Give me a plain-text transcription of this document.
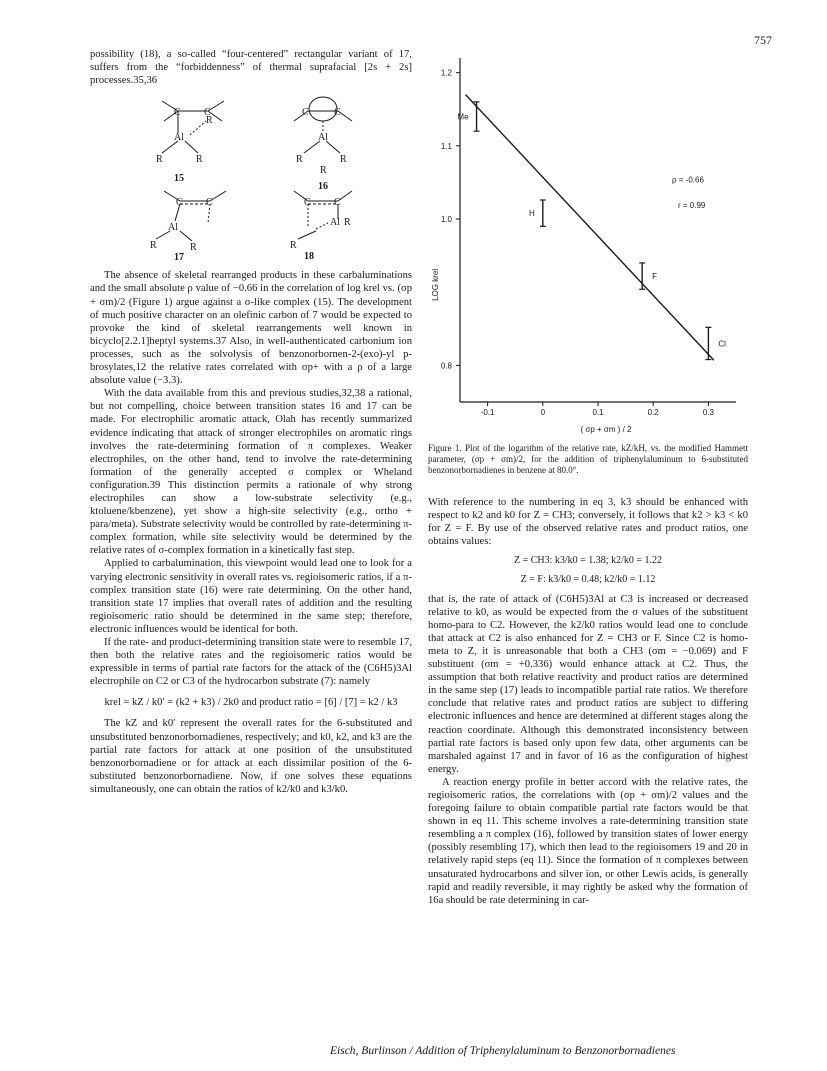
757

possibility (18), a so-called “four-centered” rectangular variant of 17, suffers from the “forbiddenness” of thermal suprafacial [2s + 2s] processes.35,36

C C
Al
R
R	R
15
C	C
Al
R	R
R
16
C C
Al
R	R
17
C C
Al R
R
18

The absence of skeletal rearranged products in these carbaluminations and the small absolute ρ value of −0.66 in the correlation of log krel vs. (σp + σm)/2 (Figure 1) argue against a σ-like complex (15). The development of much positive character on an olefinic carbon of 7 would be expected to provoke the kind of skeletal rearrangements well known in bicyclo[2.2.1]heptyl systems.37 Also, in well-authenticated carbonium ion processes, such as the solvolysis of benzonorbornen-2-(exo)-yl p-brosylates,12 the relative rates correlated with σp+ with a ρ of a large absolute value (−3.3).

With the data available from this and previous studies,32,38 a rational, but not compelling, choice between transition states 16 and 17 can be made. For electrophilic aromatic attack, Olah has recently summarized evidence indicating that attack of stronger electrophiles on aromatic rings involves the rate-determining formation of π complexes. Weaker electrophiles, on the other hand, tend to involve the rate-determining formation of the generally accepted σ complex or Wheland configuration.39 This distinction permits a rationale of why strong electrophiles can show a low-substrate selectivity (e.g., ktoluene/kbenzene), yet show a high-site selectivity (e.g., ortho + para/meta). Substrate selectivity would be controlled by rate-determining π-complex formation, while site selectivity would be determined by the relative rates of σ-complex formation in a kinetically fast step.

Applied to carbalumination, this viewpoint would lead one to look for a varying electronic sensitivity in overall rates vs. regioisomeric ratios, if a π-complex transition state (16) were rate determining. On the other hand, transition state 17 implies that overall rates of addition and the resulting regioisomeric ratio should be determined in the same step; therefore, electronic influences would be identical for both.

If the rate- and product-determining transition state were to resemble 17, then both the relative rates and the regioisomeric ratios would be expressible in terms of partial rate factors for the attack of the (C6H5)3Al electrophile on C2 or C3 of the hydrocarbon substrate (7): namely

krel = kZ / k0′ = (k2 + k3) / 2k0 and product ratio = [6] / [7] = k2 / k3

The kZ and k0′ represent the overall rates for the 6-substituted and unsubstituted benzonorbornadienes, respectively; and k0, k2, and k3 are the partial rate factors for attack at one position of the unsubstituted benzonorbornadiene or for attack at each dissimilar position of the 6-substituted benzonorbornadiene. Now, if one solves these equations simultaneously, one can obtain the ratios of k2/k0 and k3/k0.

0.8
1.0
1.1
1.2
-0.1	0	0.1	0.2	0.3
( σp + σm ) / 2
LOG krel
Me
H
F
Cl
ρ = -0.66
r = 0.99
Figure 1. Plot of the logarithm of the relative rate, kZ/kH, vs. the modified Hammett parameter, (σp + σm)/2, for the addition of triphenylaluminum to 6-substituted benzonorbornadienes in benzene at 80.0°.

With reference to the numbering in eq 3, k3 should be enhanced with respect to k2 and k0 for Z = CH3; conversely, it follows that k2 > k3 < k0 for Z = F. By use of the observed relative rates and product ratios, one obtains values:

Z = CH3: k3/k0 = 1.38; k2/k0 = 1.22
Z = F: k3/k0 = 0.48; k2/k0 = 1.12

that is, the rate of attack of (C6H5)3Al at C3 is increased or decreased relative to k0, as would be expected from the σ values of the substituent homo-para to C2. However, the k2/k0 ratios would lead one to conclude that attack at C2 is also enhanced for Z = CH3 or F. Since C2 is homo-meta to Z, it is unreasonable that both a CH3 (σm = −0.069) and F substituent (σm = +0.336) would enhance attack at C2. Thus, the assumption that both relative reactivity and product ratios are determined in the same step (17) leads to incompatible partial rate ratios. We therefore conclude that relative rates and product ratios are subject to differing electronic influences and hence are determined at different stages along the reaction coordinate. Although this demonstrated inconsistency between partial rate factors is based only upon few data, other arguments can be marshaled against 17 and in favor of 16 as the configuration of highest energy.

A reaction energy profile in better accord with the relative rates, the regioisomeric ratios, the correlations with (σp + σm)/2 values and the foregoing failure to obtain compatible partial rate factors would be that shown in eq 11. This scheme involves a rate-determining transition state resembling a π complex (16), followed by transition states of lower energy (possibly resembling 17), which then lead to the regioisomers 19 and 20 in relatively rapid steps (eq 11). Since the formation of π complexes between unsaturated hydrocarbons and silver ion, or other Lewis acids, is generally rapid and readily reversible, it may rightly be asked why the formation of 16a should be rate determining in car-

Eisch, Burlinson / Addition of Triphenylaluminum to Benzonorbornadienes
